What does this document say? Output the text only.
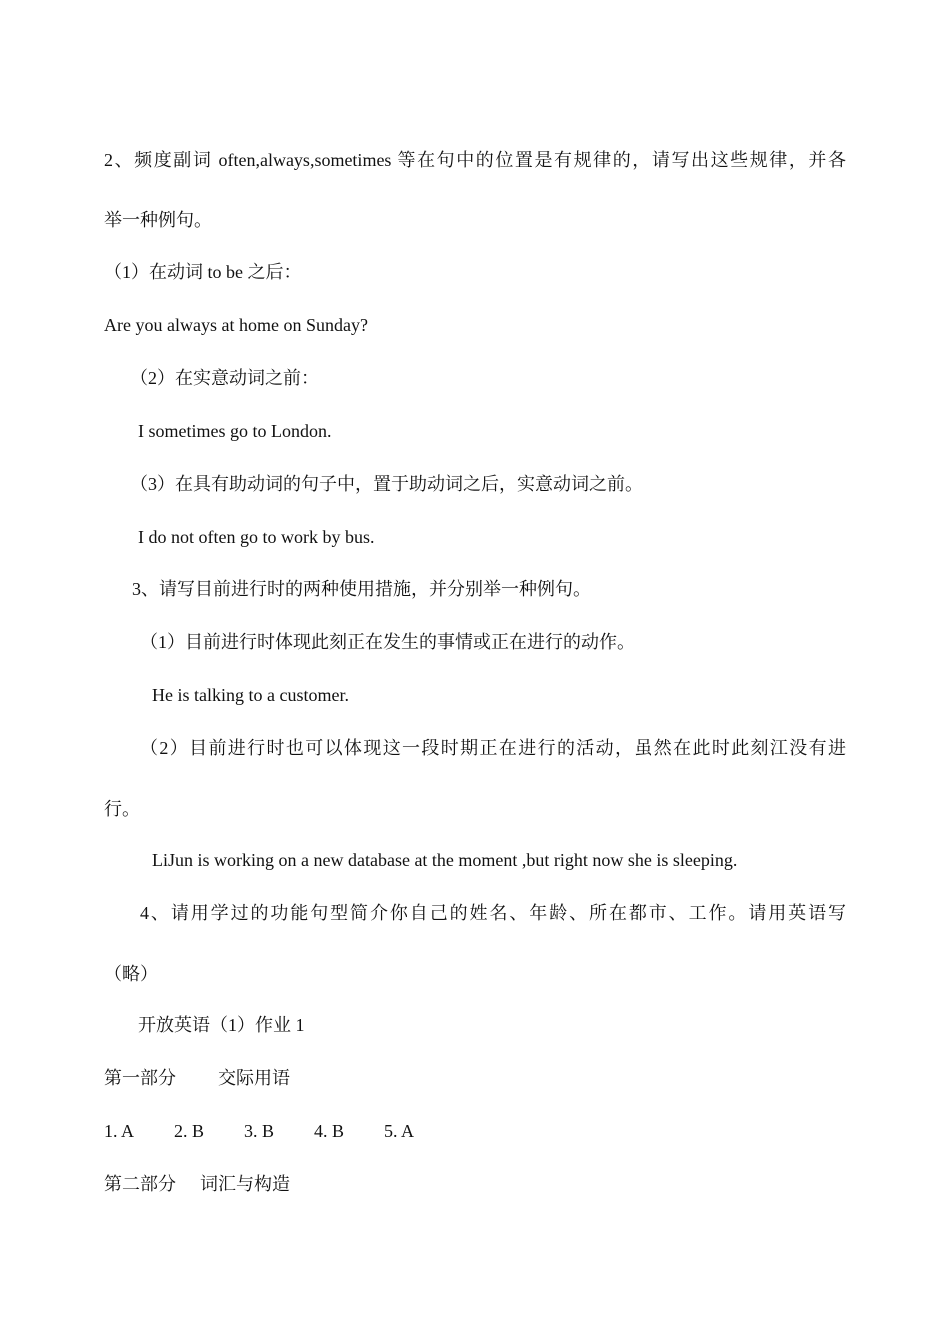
2、频度副词 often,always,sometimes 等在句中的位置是有规律的，请写出这些规律，并各
举一种例句。
（1）在动词 to be 之后：
Are you always at home on Sunday?
（2）在实意动词之前：
I sometimes go to London.
（3）在具有助动词的句子中，置于助动词之后，实意动词之前。
I do not often go to work by bus.
3、请写目前进行时的两种使用措施，并分别举一种例句。
（1）目前进行时体现此刻正在发生的事情或正在进行的动作。
He is talking to a customer.
（2）目前进行时也可以体现这一段时期正在进行的活动，虽然在此时此刻江没有进
行。
LiJun is working on a new database at the moment ,but right now she is sleeping.
4、请用学过的功能句型简介你自己的姓名、年龄、所在都市、工作。请用英语写
（略）
开放英语（1）作业 1
第一部分 交际用语
1. A 2. B 3. B 4. B 5. A
第二部分 词汇与构造
